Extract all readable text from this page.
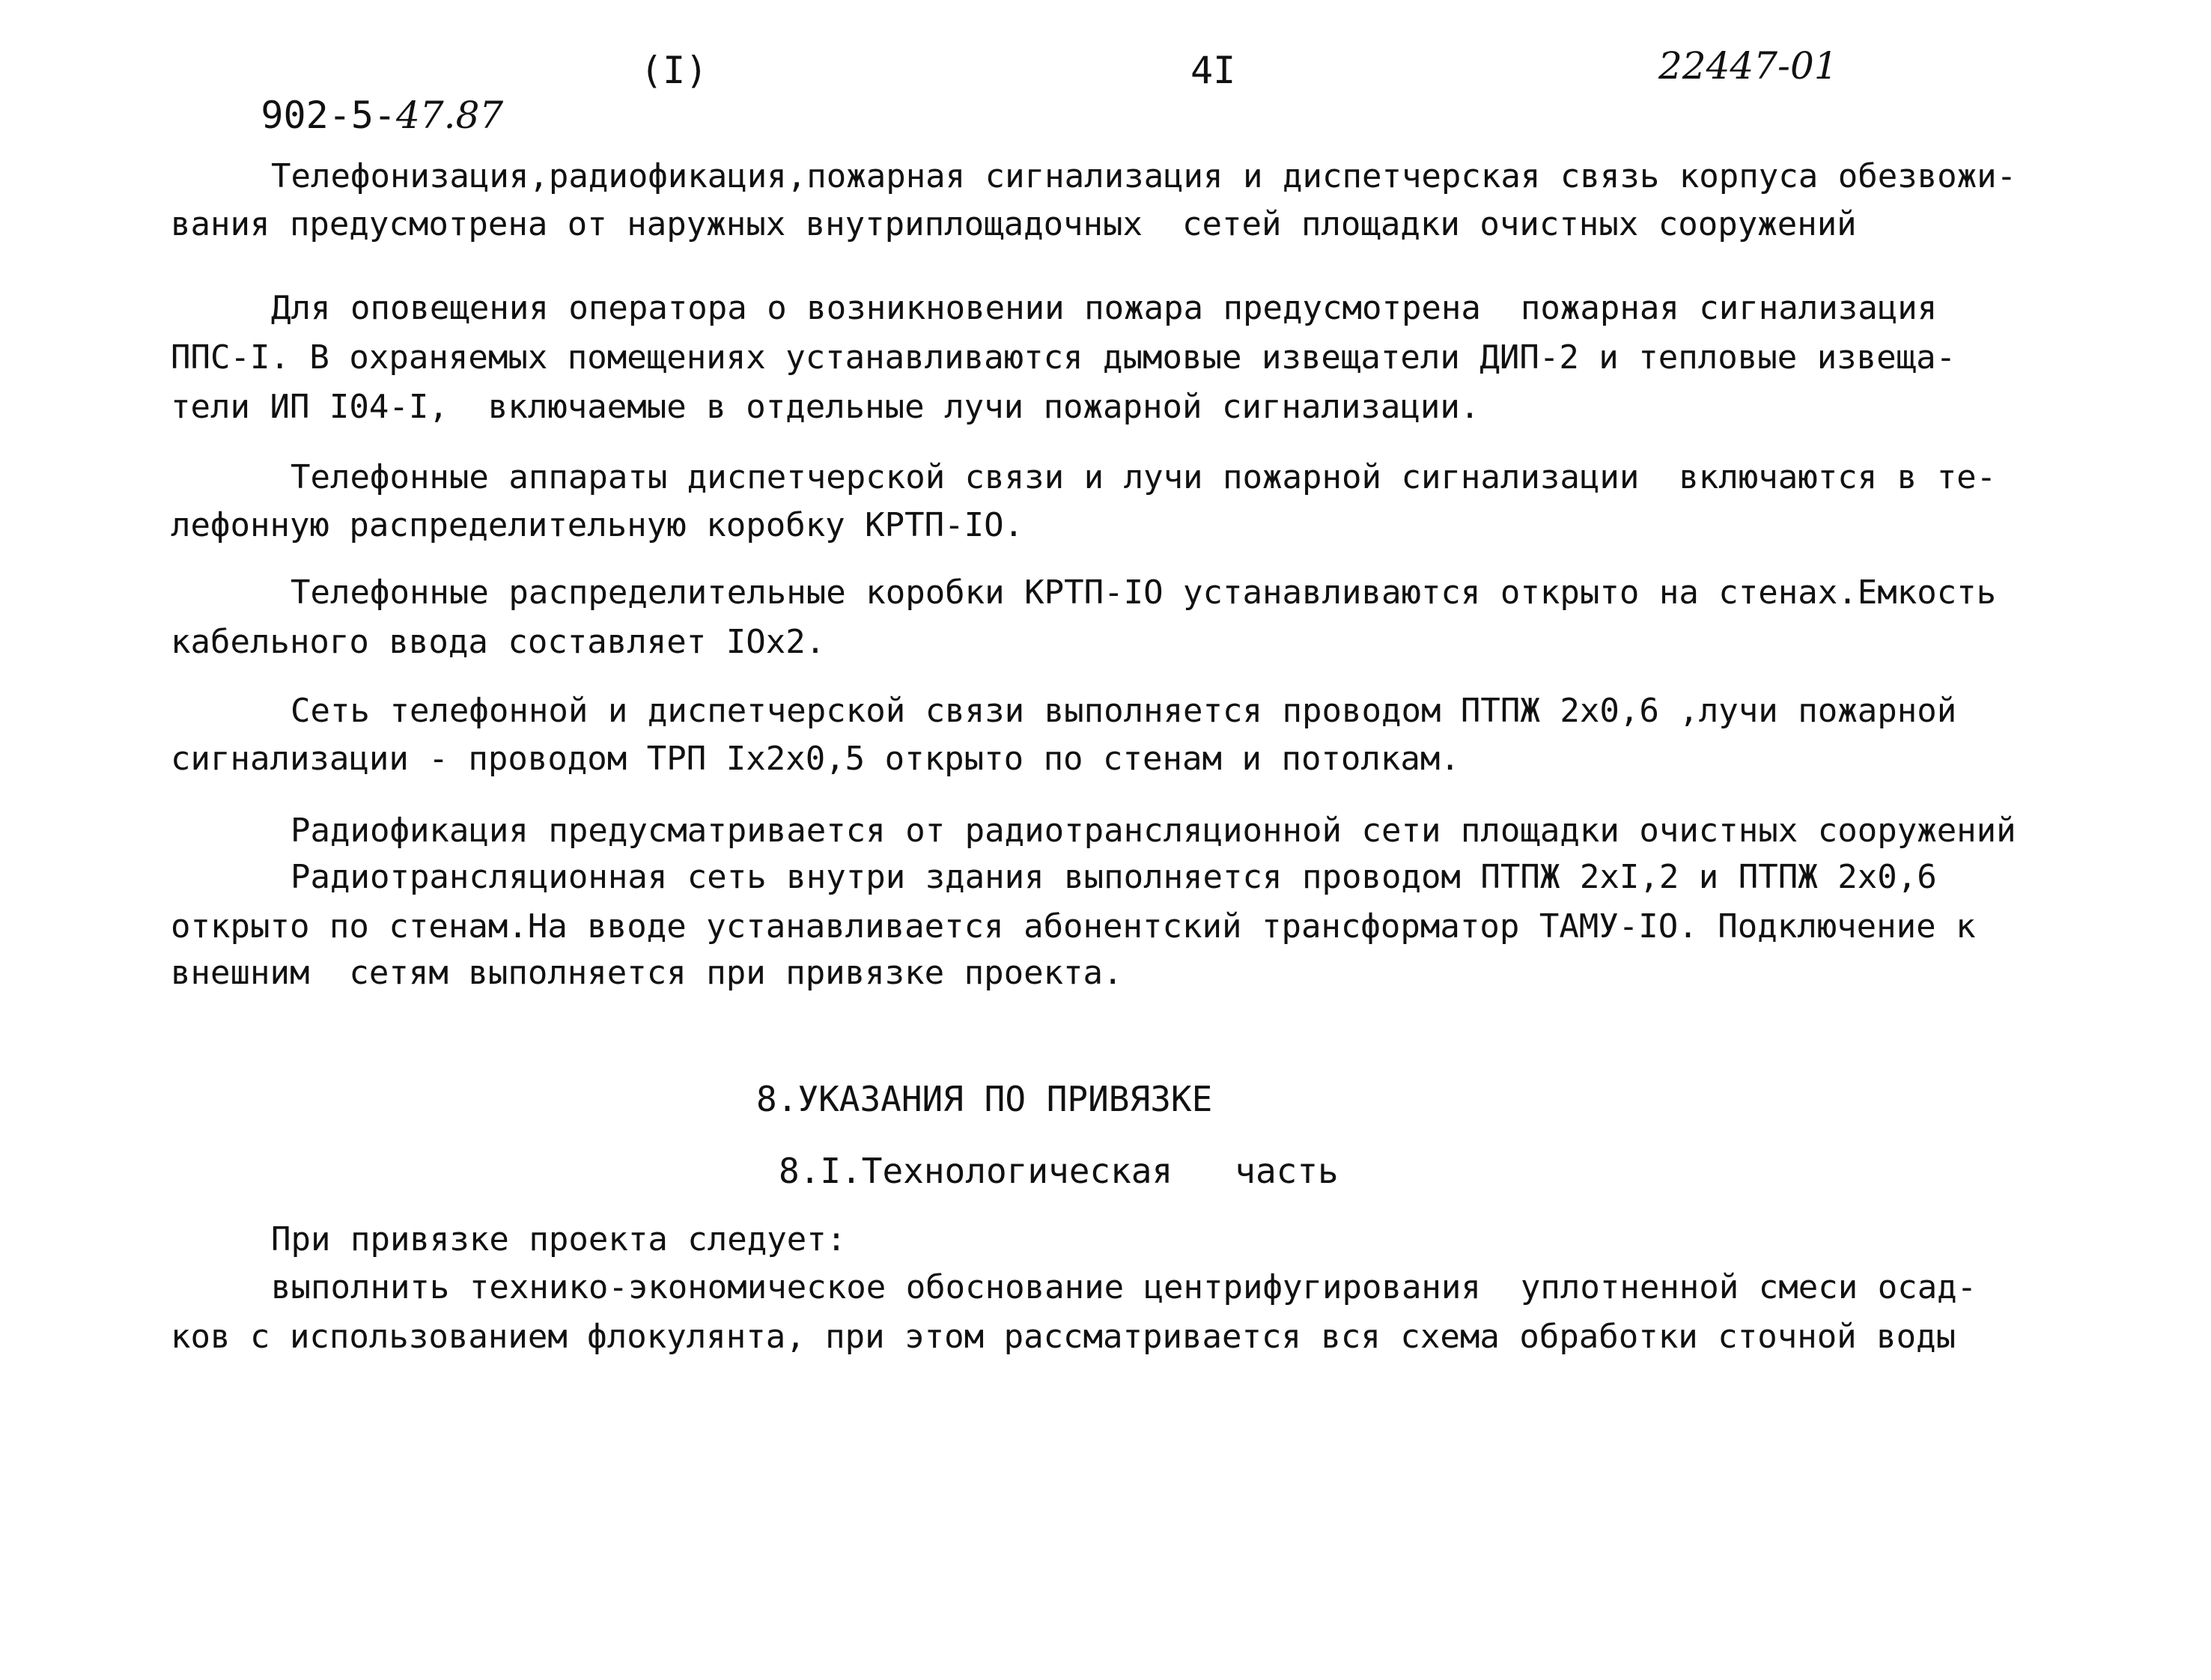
902-5-47.87

(I)	4I	22447-01
Телефонизация,радиофикация,пожарная сигнализация и диспетчерская связь корпуса обезвожи-
вания предусмотрена от наружных внутриплощадочных  сетей площадки очистных сооружений
Для оповещения оператора о возникновении пожара предусмотрена  пожарная сигнализация
ППС-I. В охраняемых помещениях устанавливаются дымовые извещатели ДИП-2 и тепловые извеща-
тели ИП I04-I,  включаемые в отдельные лучи пожарной сигнализации.
Телефонные аппараты диспетчерской связи и лучи пожарной сигнализации  включаются в те-
лефонную распределительную коробку КРТП-IO.
Телефонные распределительные коробки КРТП-IO устанавливаются открыто на стенах.Емкость
кабельного ввода составляет IOx2.
Сеть телефонной и диспетчерской связи выполняется проводом ПТПЖ 2х0,6 ,лучи пожарной
сигнализации - проводом ТРП Iх2х0,5 открыто по стенам и потолкам.
Радиофикация предусматривается от радиотрансляционной сети площадки очистных сооружений
Радиотрансляционная сеть внутри здания выполняется проводом ПТПЖ 2хI,2 и ПТПЖ 2х0,6
открыто по стенам.На вводе устанавливается абонентский трансформатор ТАМУ-IO. Подключение к
внешним  сетям выполняется при привязке проекта.
8.УКАЗАНИЯ ПО ПРИВЯЗКЕ
8.I.Технологическая   часть
При привязке проекта следует:
выполнить технико-экономическое обоснование центрифугирования  уплотненной смеси осад-
ков с использованием флокулянта, при этом рассматривается вся схема обработки сточной воды
